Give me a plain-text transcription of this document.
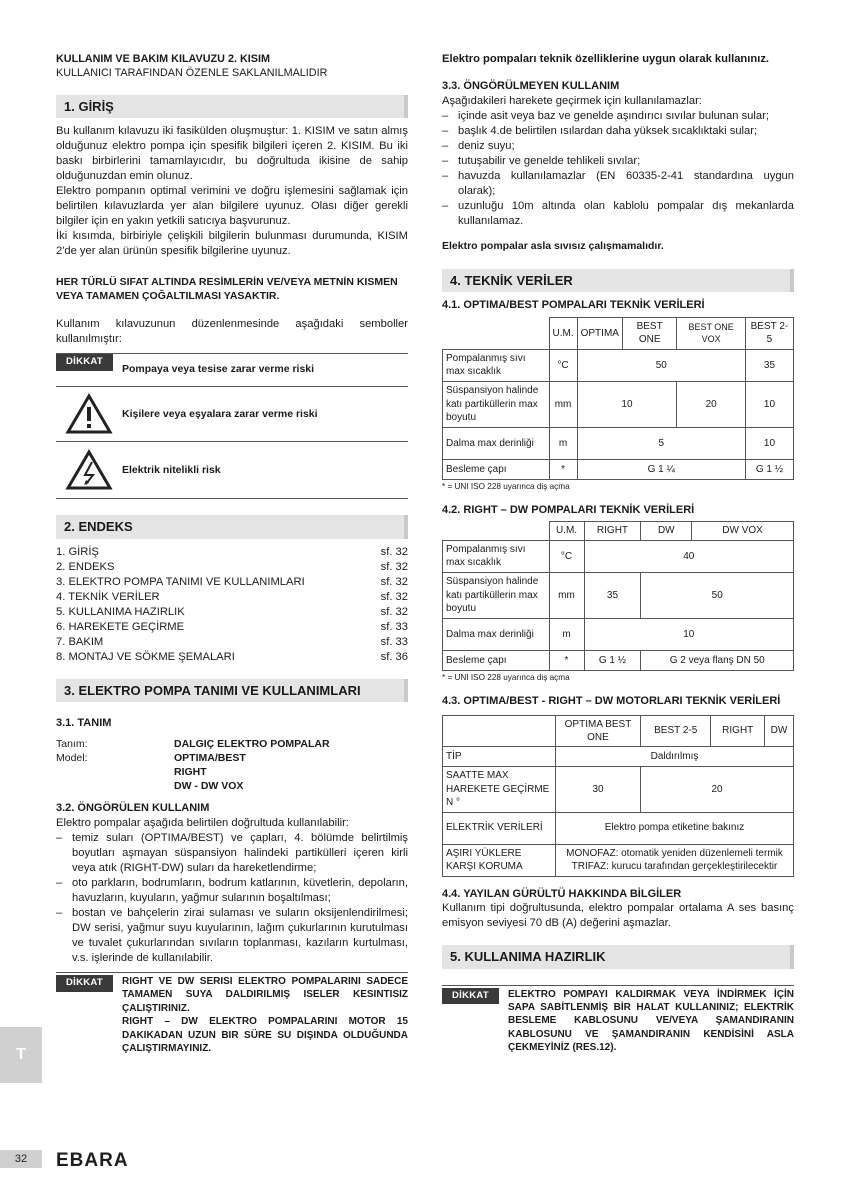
KULLANIM VE BAKIM KILAVUZU 2. KISIM

KULLANICI TARAFINDAN ÖZENLE SAKLANILMALIDIR

1. GİRİŞ

Bu kullanım kılavuzu iki fasikülden oluşmuştur: 1. KISIM ve satın almış olduğunuz elektro pompa için spesifik bilgileri içeren 2. KISIM. Bu iki baskı birbirlerini tamamlayıcıdır, bu doğrultuda ikisine de sahip olduğunuzdan emin olunuz.

Elektro pompanın optimal verimini ve doğru işlemesini sağlamak için belirtilen kılavuzlarda yer alan bilgilere uyunuz. Olası diğer gerekli bilgiler için en yakın yetkili satıcıya başvurunuz.

İki kısımda, birbiriyle çelişkili bilgilerin bulunması durumunda, KISIM 2'de yer alan ürünün spesifik bilgilerine uyunuz.

HER TÜRLÜ SIFAT ALTINDA RESİMLERİN VE/VEYA METNİN KISMEN VEYA TAMAMEN ÇOĞALTILMASI YASAKTIR.

Kullanım kılavuzunun düzenlenmesinde aşağıdaki semboller kullanılmıştır:

DİKKAT
Pompaya veya tesise zarar verme riski
Kişilere veya eşyalara zarar verme riski
Elektrik nitelikli risk

2. ENDEKS

1. GİRİŞ	sf. 32
2. ENDEKS	sf. 32
3. ELEKTRO POMPA TANIMI VE KULLANIMLARI	sf. 32
4. TEKNİK VERİLER	sf. 32
5. KULLANIMA HAZIRLIK	sf. 32
6. HAREKETE GEÇİRME	sf. 33
7. BAKIM	sf. 33
8. MONTAJ VE SÖKME ŞEMALARI	sf. 36

3. ELEKTRO POMPA TANIMI VE KULLANIMLARI

3.1. TANIM

Tanım:
Model:
DALGIÇ ELEKTRO POMPALAR
OPTIMA/BEST
RIGHT
DW - DW VOX

3.2. ÖNGÖRÜLEN KULLANIM

Elektro pompalar aşağıda belirtilen doğrultuda kullanılabilir:

– temiz suları (OPTIMA/BEST) ve çapları, 4. bölümde belirtilmiş boyutları aşmayan süspansiyon halindeki partikülleri içeren kirli veya atık (RIGHT-DW) suları da hareketlendirme;
– oto parkların, bodrumların, bodrum katlarının, küvetlerin, depoların, havuzların, kuyuların, yağmur sularının boşaltılması;
– bostan ve bahçelerin zirai sulaması ve suların oksijenlendirilmesi; DW serisi, yağmur suyu kuyularının, lağım çukurlarının kurutulması ve tuvalet çukurlarından sıvıların toplanması, kazıların kurtulması, v.s. işlerinde de kullanılabilir.
DİKKAT	RIGHT VE DW SERISI ELEKTRO POMPALARINI SADECE TAMAMEN SUYA DALDIRILMIŞ ISELER KESINTISIZ ÇALIŞTIRINIZ.

RIGHT – DW ELEKTRO POMPALARINI MOTOR 15 DAKIKADAN UZUN BIR SÜRE SU DIŞINDA OLDUĞUNDA ÇALIŞTIRMAYINIZ.

Elektro pompaları teknik özelliklerine uygun olarak kullanınız.

3.3. ÖNGÖRÜLMEYEN KULLANIM

Aşağıdakileri harekete geçirmek için kullanılamazlar:

– içinde asit veya baz ve genelde aşındırıcı sıvılar bulunan sular;
– başlık 4.de belirtilen ısılardan daha yüksek sıcaklıktaki sular;
– deniz suyu;
– tutuşabilir ve genelde tehlikeli sıvılar;
– havuzda kullanılamazlar (EN 60335-2-41 standardına uygun olarak);
– uzunluğu 10m altında olan kablolu pompalar dış mekanlarda kullanılamaz.

Elektro pompalar asla sıvısız çalışmamalıdır.

4. TEKNİK VERİLER

4.1. OPTIMA/BEST POMPALARI TEKNİK VERİLERİ

	U.M.	OPTIMA	BEST ONE	BEST ONE VOX	BEST 2-5
Pompalanmış sıvı max sıcaklık	°C	50			35
Süspansiyon halinde katı partiküllerin max boyutu	mm	10		20	10
Dalma max derinliği	m	5			10
Besleme çapı	*	G 1 ¼			G 1 ½

* = UNI ISO 228 uyarınca diş açma

4.2. RIGHT – DW POMPALARI TEKNİK VERİLERİ

	U.M.	RIGHT	DW	DW VOX
Pompalanmış sıvı max sıcaklık	°C	40		
Süspansiyon halinde katı partiküllerin max boyutu	mm	35	50	
Dalma max derinliği	m	10		
Besleme çapı	*	G 1 ½	G 2 veya flanş DN 50	

* = UNI ISO 228 uyarınca diş açma

4.3. OPTIMA/BEST - RIGHT – DW MOTORLARI TEKNİK VERİLERİ

	OPTIMA BEST ONE	BEST 2-5	RIGHT	DW
TİP	Daldırılmış			
SAATTE MAX HAREKETE GEÇİRME N °	30	20		
ELEKTRİK VERİLERİ	Elektro pompa etiketine bakınız			
AŞIRI YÜKLERE KARŞI KORUMA	MONOFAZ: otomatik yeniden düzenlemeli termik
TRIFAZ: kurucu tarafından gerçekleştirilecektir			

4.4. YAYILAN GÜRÜLTÜ HAKKINDA BİLGİLER

Kullanım tipi doğrultusunda, elektro pompalar ortalama A ses basınç emisyon seviyesi 70 dB (A) değerini aşmazlar.

5. KULLANIMA HAZIRLIK

DİKKAT	ELEKTRO POMPAYI KALDIRMAK VEYA İNDİRMEK İÇİN SAPA SABİTLENMİŞ BİR HALAT KULLANINIZ; ELEKTRİK BESLEME KABLOSUNU VE/VEYA ŞAMANDIRANIN KABLOSUNU VE ŞAMANDIRANIN KENDİSİNİ ASLA ÇEKMEYİNİZ (RES.12).
T
32	EBARA
